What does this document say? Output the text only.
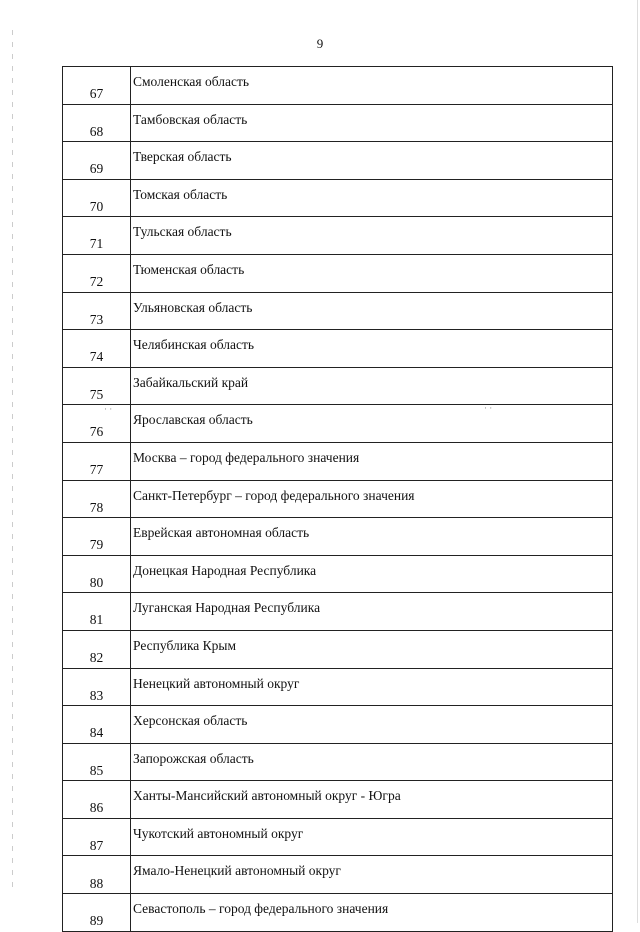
9
67	Смоленская область
68	Тамбовская область
69	Тверская область
70	Томская область
71	Тульская область
72	Тюменская область
73	Ульяновская область
74	Челябинская область
75	Забайкальский край
76	Ярославская область
77	Москва – город федерального значения
78	Санкт-Петербург – город федерального значения
79	Еврейская автономная область
80	Донецкая Народная Республика
81	Луганская Народная Республика
82	Республика Крым
83	Ненецкий автономный округ
84	Херсонская область
85	Запорожская область
86	Ханты-Мансийский автономный округ - Югра
87	Чукотский автономный округ
88	Ямало-Ненецкий автономный округ
89	Севастополь – город федерального значения
· ·	· ·
